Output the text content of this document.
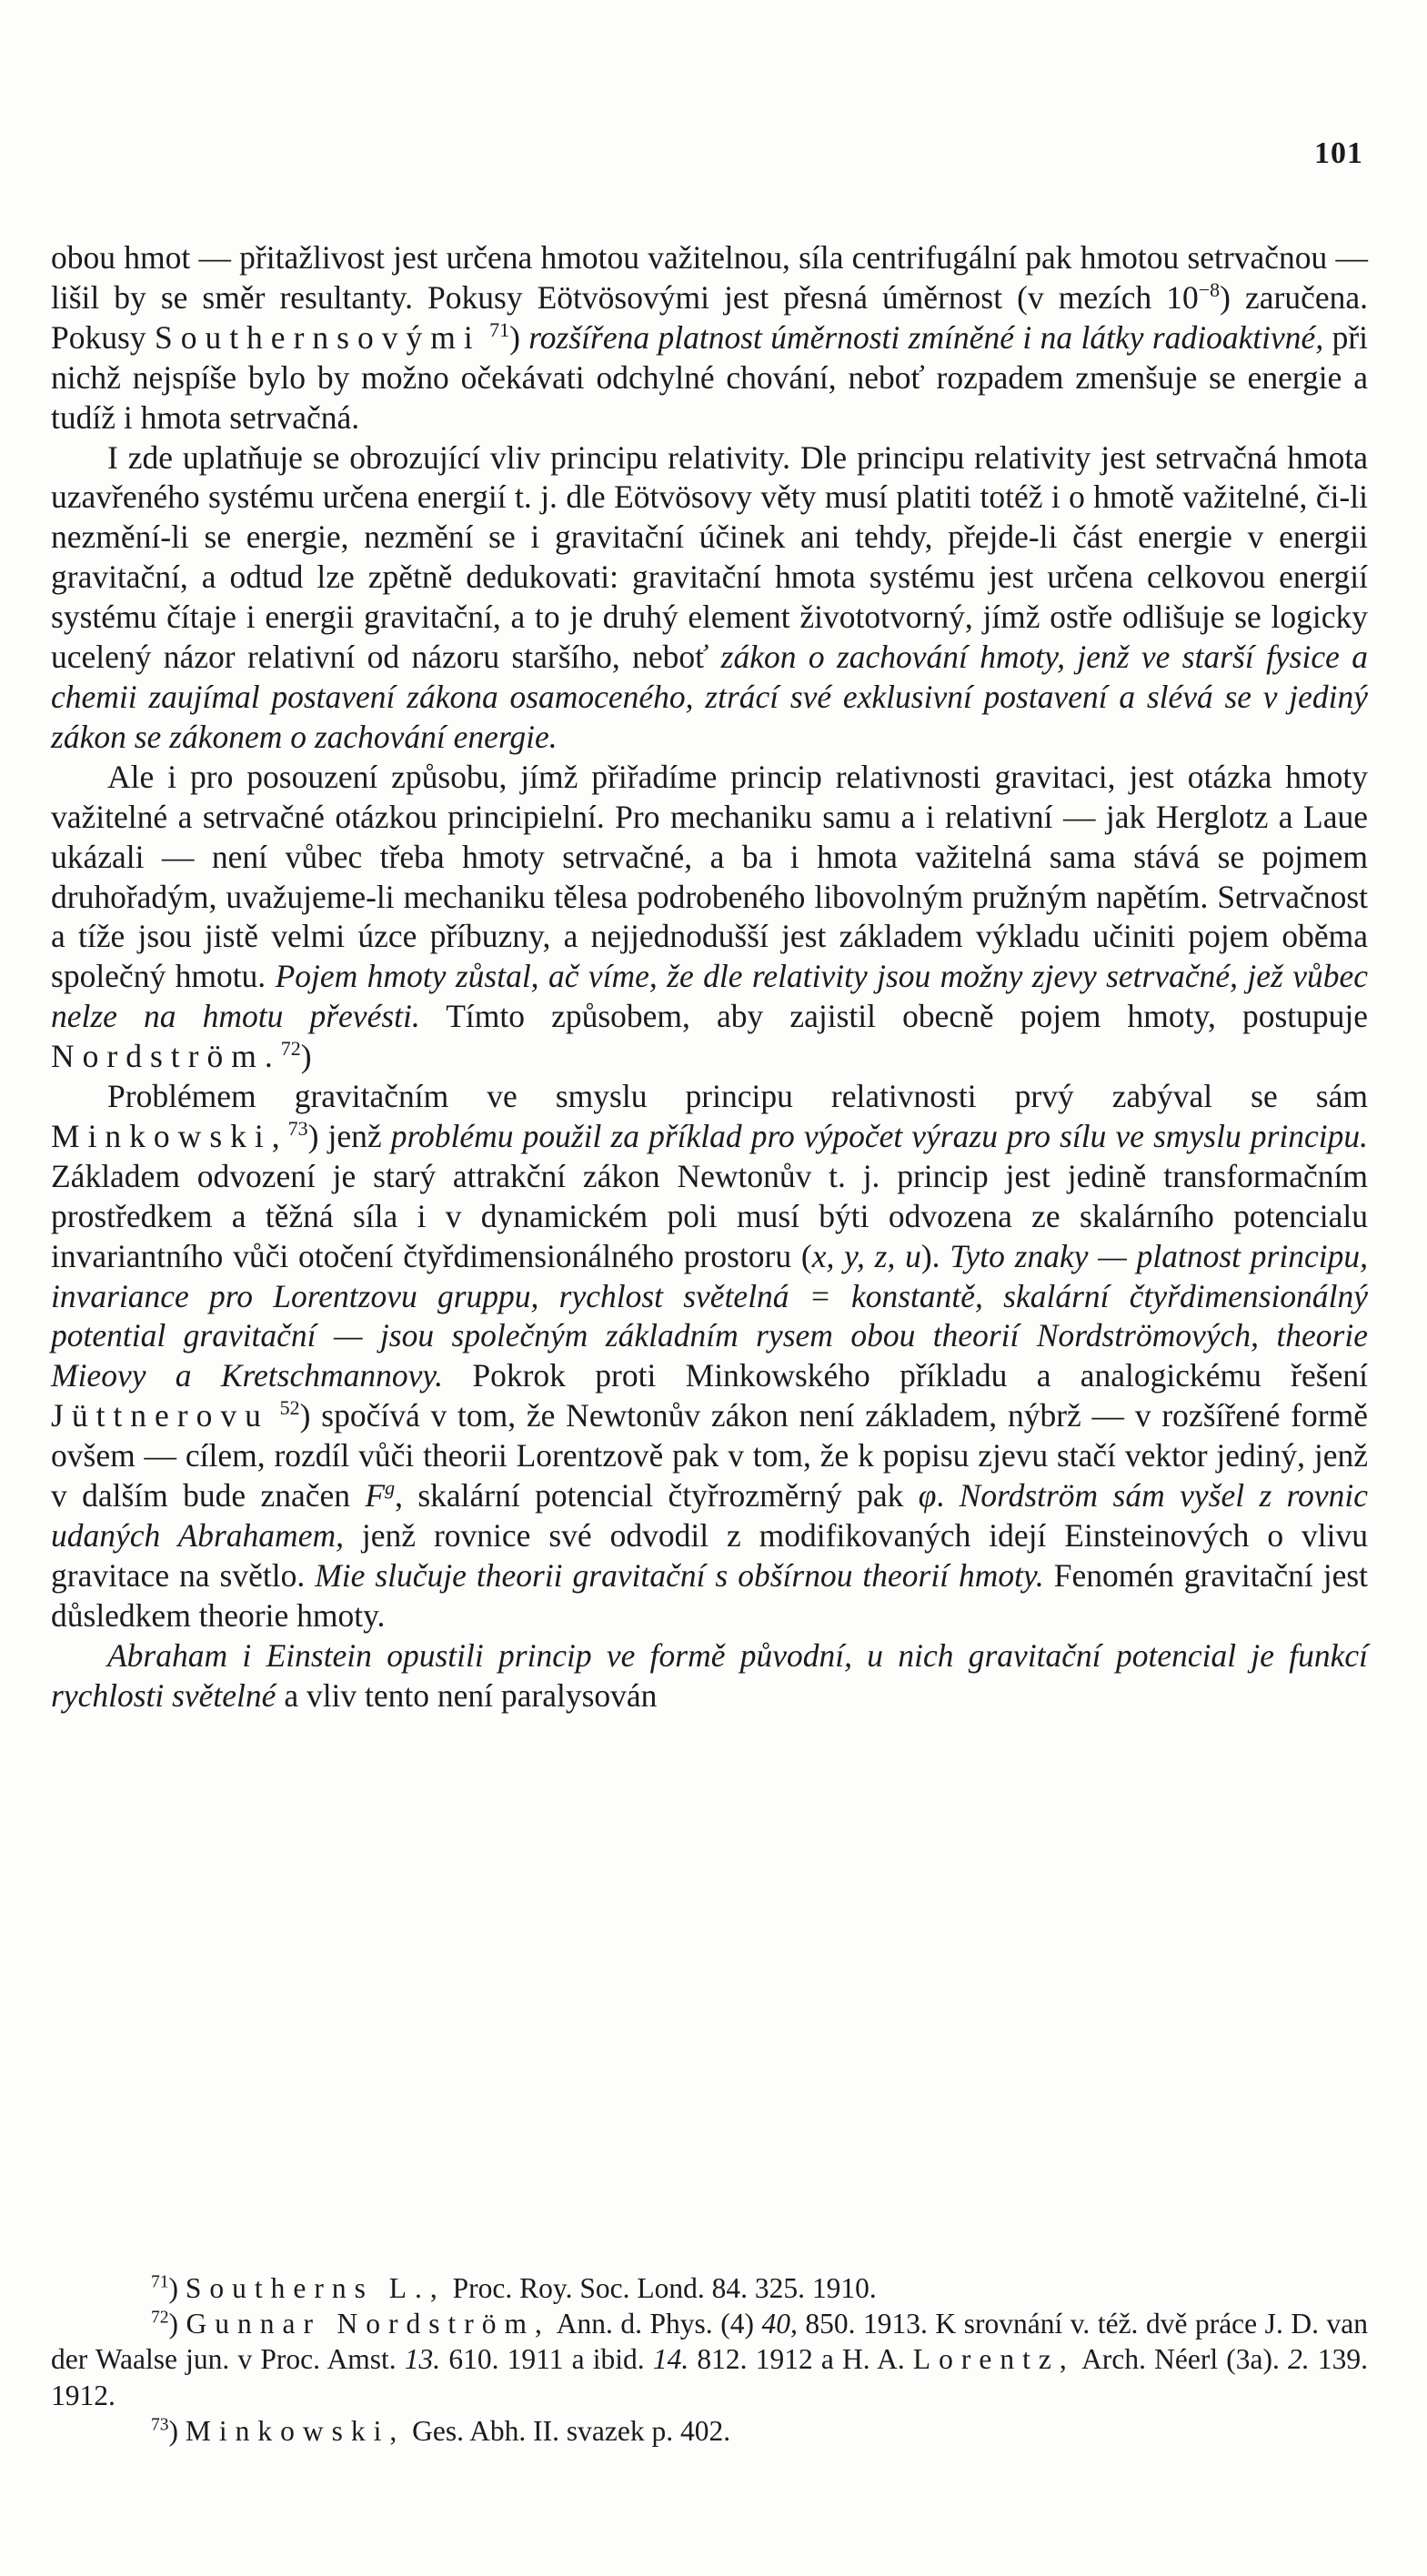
101

obou hmot — přitažlivost jest určena hmotou važitelnou, síla centrifugální pak hmotou setrvačnou — lišil by se směr resultanty. Pokusy Eötvösovými jest přesná úměrnost (v mezích $10^{-8}$) zaručena. Pokusy Southernsovými $^{71}$) rozšířena platnost úměrnosti zmíněné i na látky radioaktivné, při nichž nejspíše bylo by možno očekávati odchylné chování, neboť rozpadem zmenšuje se energie a tudíž i hmota setrvačná.

I zde uplatňuje se obrozující vliv principu relativity. Dle principu relativity jest setrvačná hmota uzavřeného systému určena energií t. j. dle Eötvösovy věty musí platiti totéž i o hmotě važitelné, či-li nezmění-li se energie, nezmění se i gravitační účinek ani tehdy, přejde-li část energie v energii gravitační, a odtud lze zpětně dedukovati: gravitační hmota systému jest určena celkovou energií systému čítaje i energii gravitační, a to je druhý element živototvorný, jímž ostře odlišuje se logicky ucelený názor relativní od názoru staršího, neboť zákon o zachování hmoty, jenž ve starší fysice a chemii zaujímal postavení zákona osamoceného, ztrácí své exklusivní postavení a slévá se v jediný zákon se zákonem o zachování energie.

Ale i pro posouzení způsobu, jímž přiřadíme princip relativnosti gravitaci, jest otázka hmoty važitelné a setrvačné otázkou principielní. Pro mechaniku samu a i relativní — jak Herglotz a Laue ukázali — není vůbec třeba hmoty setrvačné, a ba i hmota važitelná sama stává se pojmem druhořadým, uvažujeme-li mechaniku tělesa podrobeného libovolným pružným napětím. Setrvačnost a tíže jsou jistě velmi úzce příbuzny, a nejjednodušší jest základem výkladu učiniti pojem oběma společný hmotu. Pojem hmoty zůstal, ač víme, že dle relativity jsou možny zjevy setrvačné, jež vůbec nelze na hmotu převésti. Tímto způsobem, aby zajistil obecně pojem hmoty, postupuje Nordström.$^{72}$)

Problémem gravitačním ve smyslu principu relativnosti prvý zabýval se sám Minkowski,$^{73}$) jenž problému použil za příklad pro výpočet výrazu pro sílu ve smyslu principu. Základem odvození je starý attrakční zákon Newtonův t. j. princip jest jedině transformačním prostředkem a těžná síla i v dynamickém poli musí býti odvozena ze skalárního potencialu invariantního vůči otočení čtyřdimensionálného prostoru (x, y, z, u). Tyto znaky — platnost principu, invariance pro Lorentzovu gruppu, rychlost světelná = konstantě, skalární čtyřdimensionálný potential gravitační — jsou společným základním rysem obou theorií Nordströmových, theorie Mieovy a Kretschmannovy. Pokrok proti Minkowského příkladu a analogickému řešení Jüttnerovu $^{52}$) spočívá v tom, že Newtonův zákon není základem, nýbrž — v rozšířené formě ovšem — cílem, rozdíl vůči theorii Lorentzově pak v tom, že k popisu zjevu stačí vektor jediný, jenž v dalším bude značen $F^g$, skalární potencial čtyřrozměrný pak φ. Nordström sám vyšel z rovnic udaných Abrahamem, jenž rovnice své odvodil z modifikovaných idejí Einsteinových o vlivu gravitace na světlo. Mie slučuje theorii gravitační s obšírnou theorií hmoty. Fenomén gravitační jest důsledkem theorie hmoty.

Abraham i Einstein opustili princip ve formě původní, u nich gravitační potencial je funkcí rychlosti světelné a vliv tento není paralysován

$^{71}$) Southerns L., Proc. Roy. Soc. Lond. 84. 325. 1910.

$^{72}$) Gunnar Nordström, Ann. d. Phys. (4) 40, 850. 1913. K srovnání v. též. dvě práce J. D. van der Waalse jun. v Proc. Amst. 13. 610. 1911 a ibid. 14. 812. 1912 a H. A. Lorentz, Arch. Néerl (3a). 2. 139. 1912.

$^{73}$) Minkowski, Ges. Abh. II. svazek p. 402.
